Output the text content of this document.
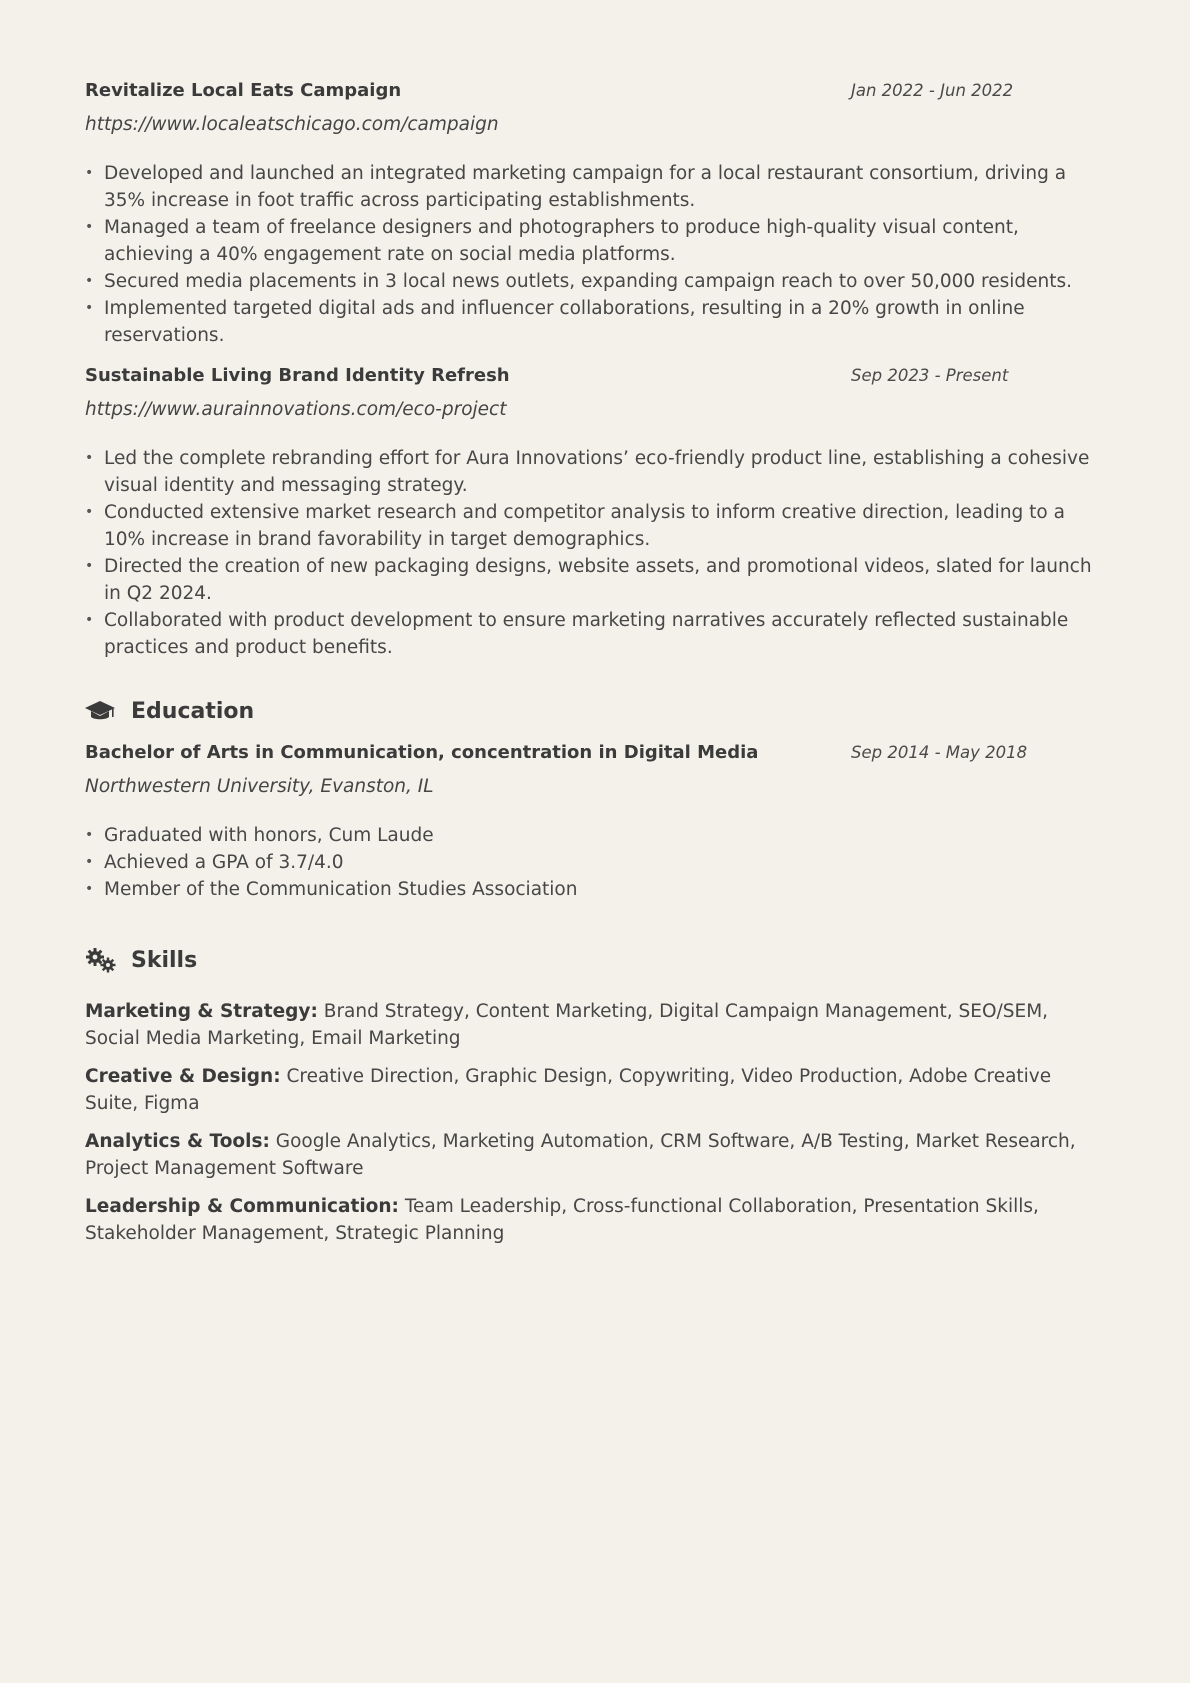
Revitalize Local Eats Campaign	Jan 2022 - Jun 2022
https://www.localeatschicago.com/campaign
• Developed and launched an integrated marketing campaign for a local restaurant consortium, driving a 35% increase in foot traffic across participating establishments.
• Managed a team of freelance designers and photographers to produce high-quality visual content, achieving a 40% engagement rate on social media platforms.
• Secured media placements in 3 local news outlets, expanding campaign reach to over 50,000 residents.
• Implemented targeted digital ads and influencer collaborations, resulting in a 20% growth in online reservations.
Sustainable Living Brand Identity Refresh	Sep 2023 - Present
https://www.aurainnovations.com/eco-project
• Led the complete rebranding effort for Aura Innovations’ eco-friendly product line, establishing a cohesive visual identity and messaging strategy.
• Conducted extensive market research and competitor analysis to inform creative direction, leading to a 10% increase in brand favorability in target demographics.
• Directed the creation of new packaging designs, website assets, and promotional videos, slated for launch in Q2 2024.
• Collaborated with product development to ensure marketing narratives accurately reflected sustainable practices and product benefits.
Education
Bachelor of Arts in Communication, concentration in Digital Media	Sep 2014 - May 2018
Northwestern University, Evanston, IL
• Graduated with honors, Cum Laude
• Achieved a GPA of 3.7/4.0
• Member of the Communication Studies Association
Skills

Marketing & Strategy: Brand Strategy, Content Marketing, Digital Campaign Management, SEO/SEM, Social Media Marketing, Email Marketing

Creative & Design: Creative Direction, Graphic Design, Copywriting, Video Production, Adobe Creative Suite, Figma

Analytics & Tools: Google Analytics, Marketing Automation, CRM Software, A/B Testing, Market Research, Project Management Software

Leadership & Communication: Team Leadership, Cross-functional Collaboration, Presentation Skills, Stakeholder Management, Strategic Planning
